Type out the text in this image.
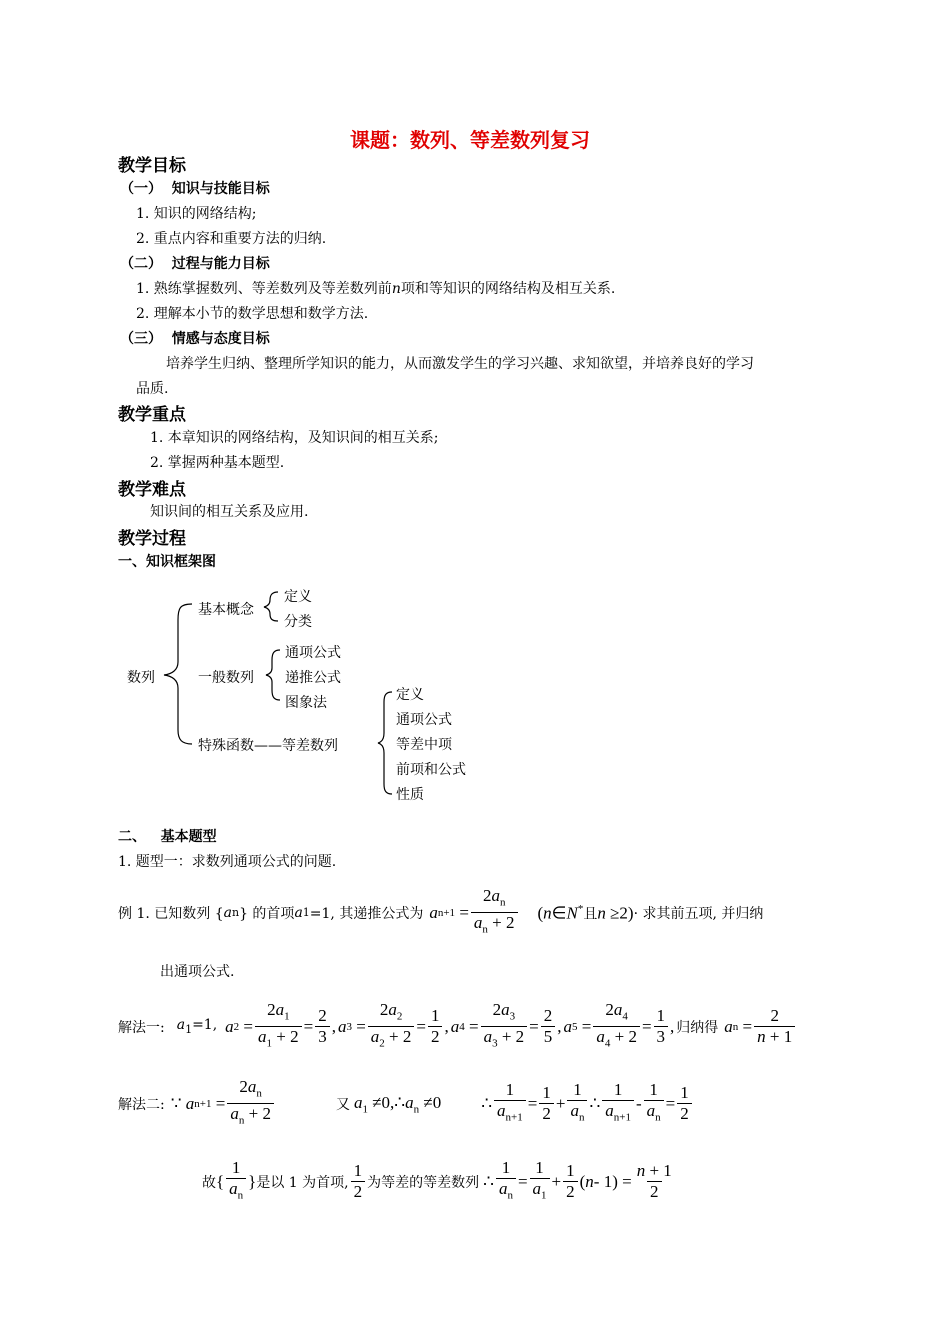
课题：数列、等差数列复习
教学目标
（一） 知识与技能目标
1. 知识的网络结构;
2. 重点内容和重要方法的归纳.
（二） 过程与能力目标
1. 熟练掌握数列、等差数列及等差数列前n项和等知识的网络结构及相互关系.
2. 理解本小节的数学思想和数学方法.
（三） 情感与态度目标
培养学生归纳、整理所学知识的能力，从而激发学生的学习兴趣、求知欲望，并培养良好的学习
品质.
教学重点
1. 本章知识的网络结构，及知识间的相互关系;
2. 掌握两种基本题型.
教学难点
知识间的相互关系及应用.
教学过程
一、知识框架图
数列
基本概念
定义
分类
一般数列
通项公式
递推公式
图象法
特殊函数——等差数列
定义
通项公式
等差中项
前项和公式
性质
二、 基本题型
1. 题型一：求数列通项公式的问题.
例 1. 已知数列 { a n } 的首项 a 1 =1, 其递推公式为 a $n+1 = \frac{2a_n}{a_n + 2}$ (n∈N*且n ≥2) · 求其前五项, 并归纳
出通项公式.
解法一: $a_1=1$, a $2 = \frac{2a_1}{a_1 + 2} = \frac{2}{3}$ , a $3 = \frac{2a_2}{a_2 + 2} = \frac{1}{2}$ , a $4 = \frac{2a_3}{a_3 + 2} = \frac{2}{5}$ , a $5 = \frac{2a_4}{a_4 + 2} = \frac{1}{3}$ , 归纳得 a $n = \frac{2}{n + 1}$
解法二: ∵
a $n+1 = \frac{2a_n}{a_n + 2}$	又 $a_1$ $\ne 0,\therefore a_n \ne 0$ ∴ $\frac{1}{a_{n+1}} = \frac{1}{2} + \frac{1}{a_n}$ ∴ $\frac{1}{a_{n+1}} - \frac{1}{a_n} = \frac{1}{2}$
故 { $\frac{1}{a_n}$ } 是以 1 为首项, $\frac{1}{2}$ 为等差的等差数列 ∴ $\frac{1}{a_n} = \frac{1}{a_1} + \frac{1}{2}$ ( $n - 1) = \frac{n + 1}{2}$
